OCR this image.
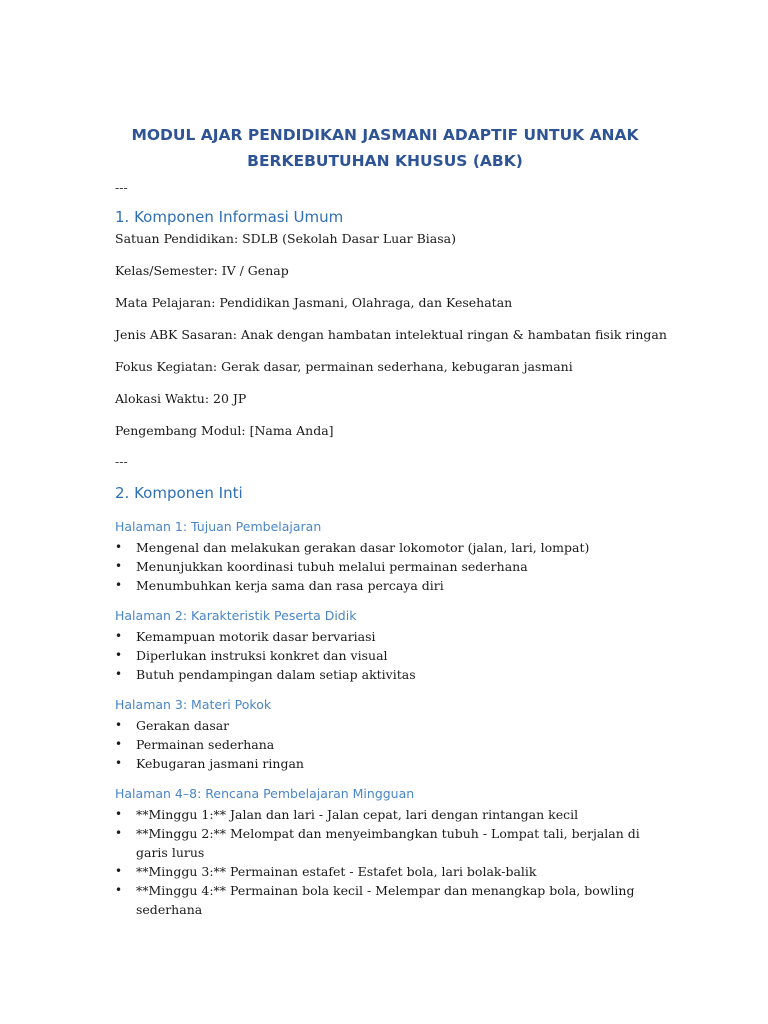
MODUL AJAR PENDIDIKAN JASMANI ADAPTIF UNTUK ANAK BERKEBUTUHAN KHUSUS (ABK)
---
1. Komponen Informasi Umum
Satuan Pendidikan: SDLB (Sekolah Dasar Luar Biasa)
Kelas/Semester: IV / Genap
Mata Pelajaran: Pendidikan Jasmani, Olahraga, dan Kesehatan
Jenis ABK Sasaran: Anak dengan hambatan intelektual ringan & hambatan fisik ringan
Fokus Kegiatan: Gerak dasar, permainan sederhana, kebugaran jasmani
Alokasi Waktu: 20 JP
Pengembang Modul: [Nama Anda]
---
2. Komponen Inti
Halaman 1: Tujuan Pembelajaran
• Mengenal dan melakukan gerakan dasar lokomotor (jalan, lari, lompat)
• Menunjukkan koordinasi tubuh melalui permainan sederhana
• Menumbuhkan kerja sama dan rasa percaya diri
Halaman 2: Karakteristik Peserta Didik
• Kemampuan motorik dasar bervariasi
• Diperlukan instruksi konkret dan visual
• Butuh pendampingan dalam setiap aktivitas
Halaman 3: Materi Pokok
• Gerakan dasar
• Permainan sederhana
• Kebugaran jasmani ringan
Halaman 4–8: Rencana Pembelajaran Mingguan
• **Minggu 1:** Jalan dan lari - Jalan cepat, lari dengan rintangan kecil
• **Minggu 2:** Melompat dan menyeimbangkan tubuh - Lompat tali, berjalan di garis lurus
• **Minggu 3:** Permainan estafet - Estafet bola, lari bolak-balik
• **Minggu 4:** Permainan bola kecil - Melempar dan menangkap bola, bowling sederhana
